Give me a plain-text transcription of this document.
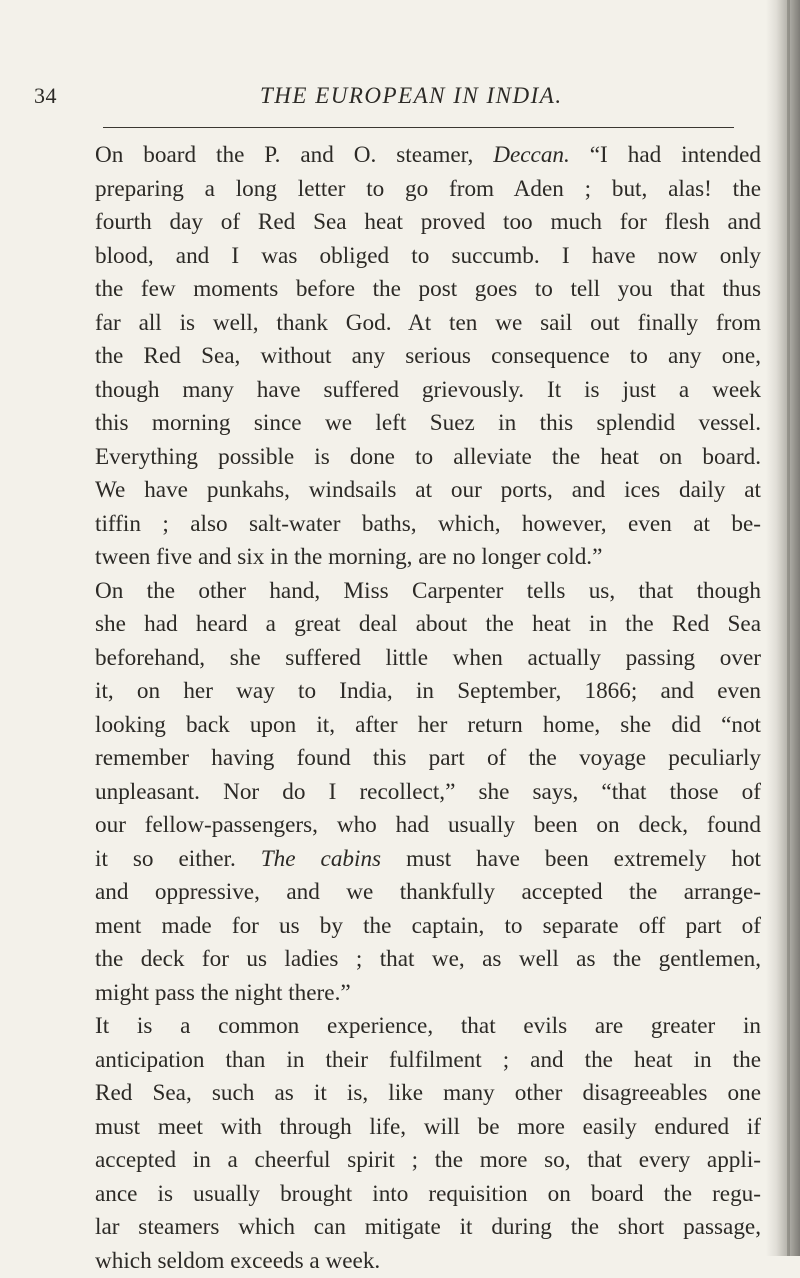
34	THE EUROPEAN IN INDIA.
On board the P. and O. steamer, Deccan. “I had intended
preparing a long letter to go from Aden ; but, alas! the
fourth day of Red Sea heat proved too much for flesh and
blood, and I was obliged to succumb. I have now only
the few moments before the post goes to tell you that thus
far all is well, thank God. At ten we sail out finally from
the Red Sea, without any serious consequence to any one,
though many have suffered grievously. It is just a week
this morning since we left Suez in this splendid vessel.
Everything possible is done to alleviate the heat on board.
We have punkahs, windsails at our ports, and ices daily at
tiffin ; also salt-water baths, which, however, even at be-
tween five and six in the morning, are no longer cold.”
On the other hand, Miss Carpenter tells us, that though
she had heard a great deal about the heat in the Red Sea
beforehand, she suffered little when actually passing over
it, on her way to India, in September, 1866; and even
looking back upon it, after her return home, she did “not
remember having found this part of the voyage peculiarly
unpleasant. Nor do I recollect,” she says, “that those of
our fellow-passengers, who had usually been on deck, found
it so either. The cabins must have been extremely hot
and oppressive, and we thankfully accepted the arrange-
ment made for us by the captain, to separate off part of
the deck for us ladies ; that we, as well as the gentlemen,
might pass the night there.”
It is a common experience, that evils are greater in
anticipation than in their fulfilment ; and the heat in the
Red Sea, such as it is, like many other disagreeables one
must meet with through life, will be more easily endured if
accepted in a cheerful spirit ; the more so, that every appli-
ance is usually brought into requisition on board the regu-
lar steamers which can mitigate it during the short passage,
which seldom exceeds a week.
